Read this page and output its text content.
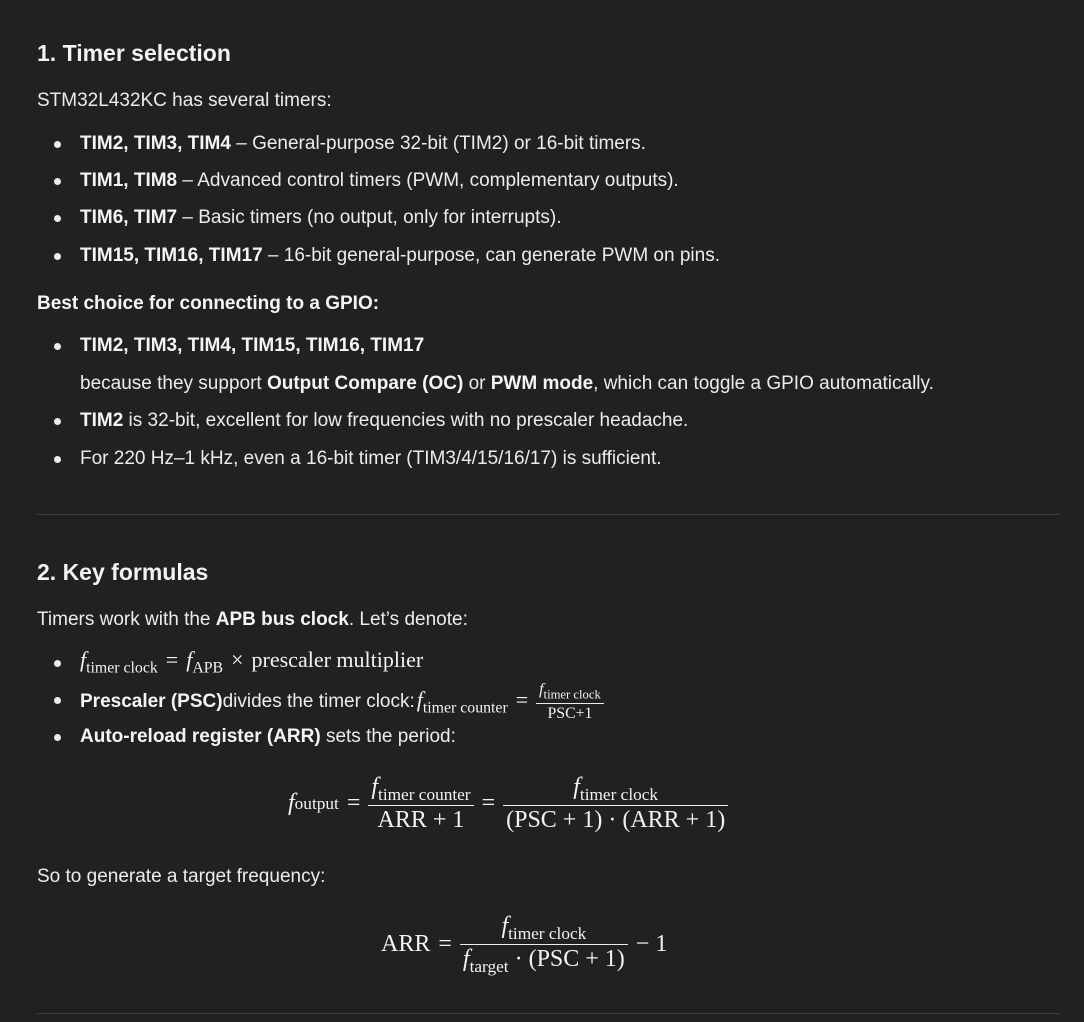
1. Timer selection
STM32L432KC has several timers:
TIM2, TIM3, TIM4 – General-purpose 32-bit (TIM2) or 16-bit timers.
TIM1, TIM8 – Advanced control timers (PWM, complementary outputs).
TIM6, TIM7 – Basic timers (no output, only for interrupts).
TIM15, TIM16, TIM17 – 16-bit general-purpose, can generate PWM on pins.
Best choice for connecting to a GPIO:
TIM2, TIM3, TIM4, TIM15, TIM16, TIM17
because they support Output Compare (OC) or PWM mode, which can toggle a GPIO automatically.
TIM2 is 32-bit, excellent for low frequencies with no prescaler headache.
For 220 Hz–1 kHz, even a 16-bit timer (TIM3/4/15/16/17) is sufficient.
2. Key formulas
Timers work with the APB bus clock. Let’s denote:
$f_{timer clock} = f_{APB}$ × prescaler multiplier
Prescaler (PSC) divides the timer clock: $f_{timer counter} = \frac{f_{timer clock}}{\text{PSC+1}}$
Auto-reload register (ARR) sets the period:
f output = $\frac{f_{timer counter}}{\text{ARR + 1}} = \frac{f_{timer clock}}{\text{(PSC + 1) · (ARR + 1)}}$
So to generate a target frequency:
ARR = $\frac{f_{timer clock}}{f_{target} \cdot (PSC + 1)} - 1$
